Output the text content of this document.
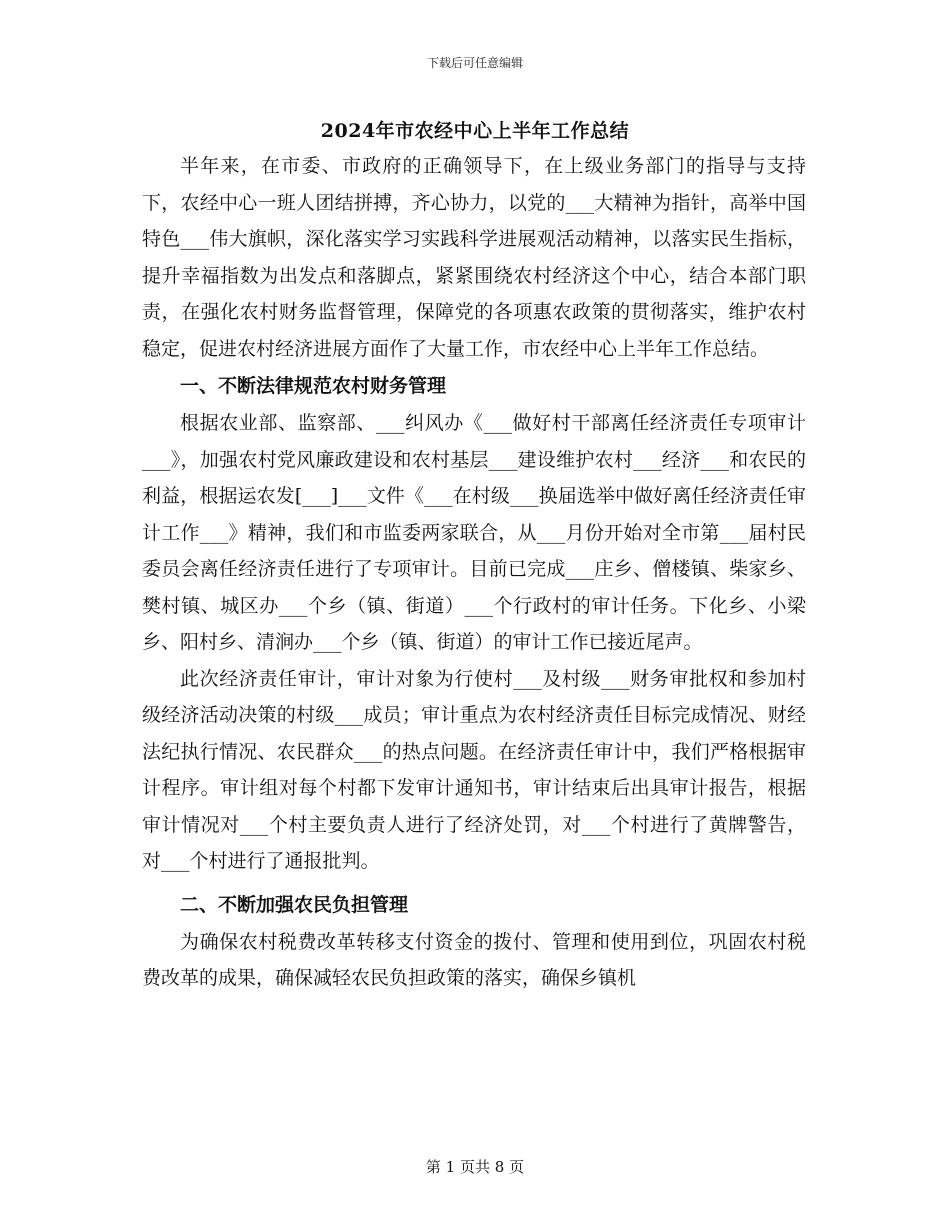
下载后可任意编辑
2024年市农经中心上半年工作总结

半年来，在市委、市政府的正确领导下，在上级业务部门的指导与支持下，农经中心一班人团结拼搏，齐心协力，以党的___大精神为指针，高举中国特色___伟大旗帜，深化落实学习实践科学进展观活动精神，以落实民生指标，提升幸福指数为出发点和落脚点，紧紧围绕农村经济这个中心，结合本部门职责，在强化农村财务监督管理，保障党的各项惠农政策的贯彻落实，维护农村稳定，促进农村经济进展方面作了大量工作，市农经中心上半年工作总结。

一、不断法律规范农村财务管理

根据农业部、监察部、___纠风办《___做好村干部离任经济责任专项审计___》，加强农村党风廉政建设和农村基层___建设维护农村___经济___和农民的利益，根据运农发[___]___文件《___在村级___换届选举中做好离任经济责任审计工作___》精神，我们和市监委两家联合，从___月份开始对全市第___届村民委员会离任经济责任进行了专项审计。目前已完成___庄乡、僧楼镇、柴家乡、樊村镇、城区办___个乡（镇、街道）___个行政村的审计任务。下化乡、小梁乡、阳村乡、清涧办___个乡（镇、街道）的审计工作已接近尾声。

此次经济责任审计，审计对象为行使村___及村级___财务审批权和参加村级经济活动决策的村级___成员；审计重点为农村经济责任目标完成情况、财经法纪执行情况、农民群众___的热点问题。在经济责任审计中，我们严格根据审计程序。审计组对每个村都下发审计通知书，审计结束后出具审计报告，根据审计情况对___个村主要负责人进行了经济处罚，对___个村进行了黄牌警告，对___个村进行了通报批判。

二、不断加强农民负担管理

为确保农村税费改革转移支付资金的拨付、管理和使用到位，巩固农村税费改革的成果，确保减轻农民负担政策的落实，确保乡镇机

第 1 页共 8 页
